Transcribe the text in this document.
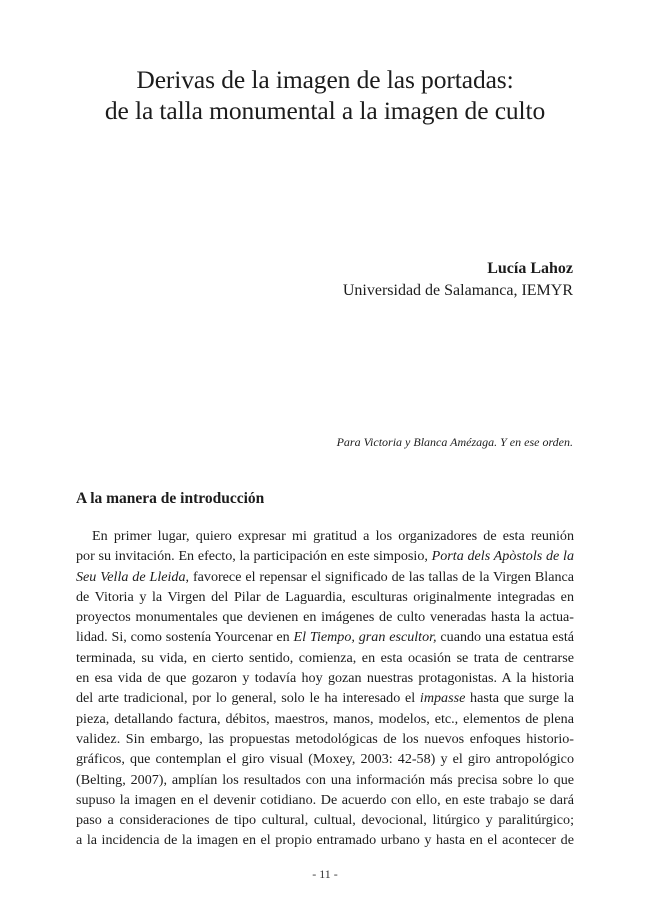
Derivas de la imagen de las portadas:
de la talla monumental a la imagen de culto
Lucía Lahoz
Universidad de Salamanca, IEMYR
Para Victoria y Blanca Amézaga. Y en ese orden.
A la manera de introducción
En primer lugar, quiero expresar mi gratitud a los organizadores de esta reunión
por su invitación. En efecto, la participación en este simposio, Porta dels Apòstols de la
Seu Vella de Lleida, favorece el repensar el significado de las tallas de la Virgen Blanca
de Vitoria y la Virgen del Pilar de Laguardia, esculturas originalmente integradas en
proyectos monumentales que devienen en imágenes de culto veneradas hasta la actua-
lidad. Si, como sostenía Yourcenar en El Tiempo, gran escultor, cuando una estatua está
terminada, su vida, en cierto sentido, comienza, en esta ocasión se trata de centrarse
en esa vida de que gozaron y todavía hoy gozan nuestras protagonistas. A la historia
del arte tradicional, por lo general, solo le ha interesado el impasse hasta que surge la
pieza, detallando factura, débitos, maestros, manos, modelos, etc., elementos de plena
validez. Sin embargo, las propuestas metodológicas de los nuevos enfoques historio-
gráficos, que contemplan el giro visual (Moxey, 2003: 42-58) y el giro antropológico
(Belting, 2007), amplían los resultados con una información más precisa sobre lo que
supuso la imagen en el devenir cotidiano. De acuerdo con ello, en este trabajo se dará
paso a consideraciones de tipo cultural, cultual, devocional, litúrgico y paralitúrgico;
a la incidencia de la imagen en el propio entramado urbano y hasta en el acontecer de
- 11 -
